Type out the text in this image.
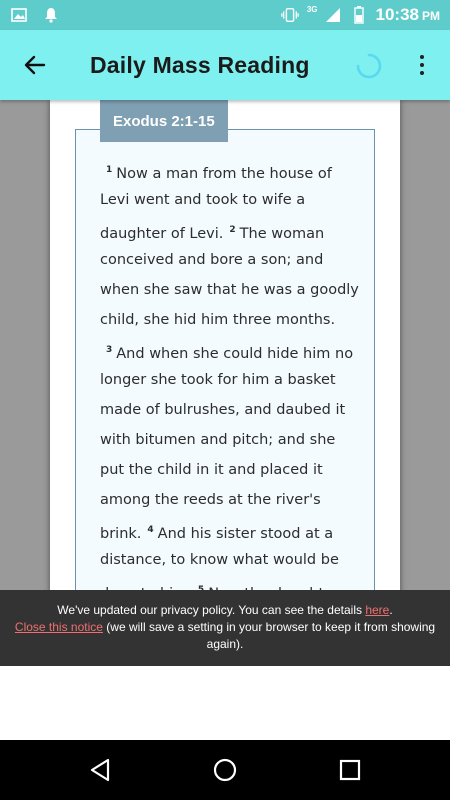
3G	10:38 PM
Daily Mass Reading
Exodus 2:1-15
$^1$ Now a man from the house of
Levi went and took to wife a
daughter of Levi. $^2$ The woman
conceived and bore a son; and
when she saw that he was a goodly
child, she hid him three months.
$^3$ And when she could hide him no
longer she took for him a basket
made of bulrushes, and daubed it
with bitumen and pitch; and she
put the child in it and placed it
among the reeds at the river's
brink. $^4$ And his sister stood at a
distance, to know what would be
We've updated our privacy policy. You can see the details here.
Close this notice (we will save a setting in your browser to keep it from showing again).
